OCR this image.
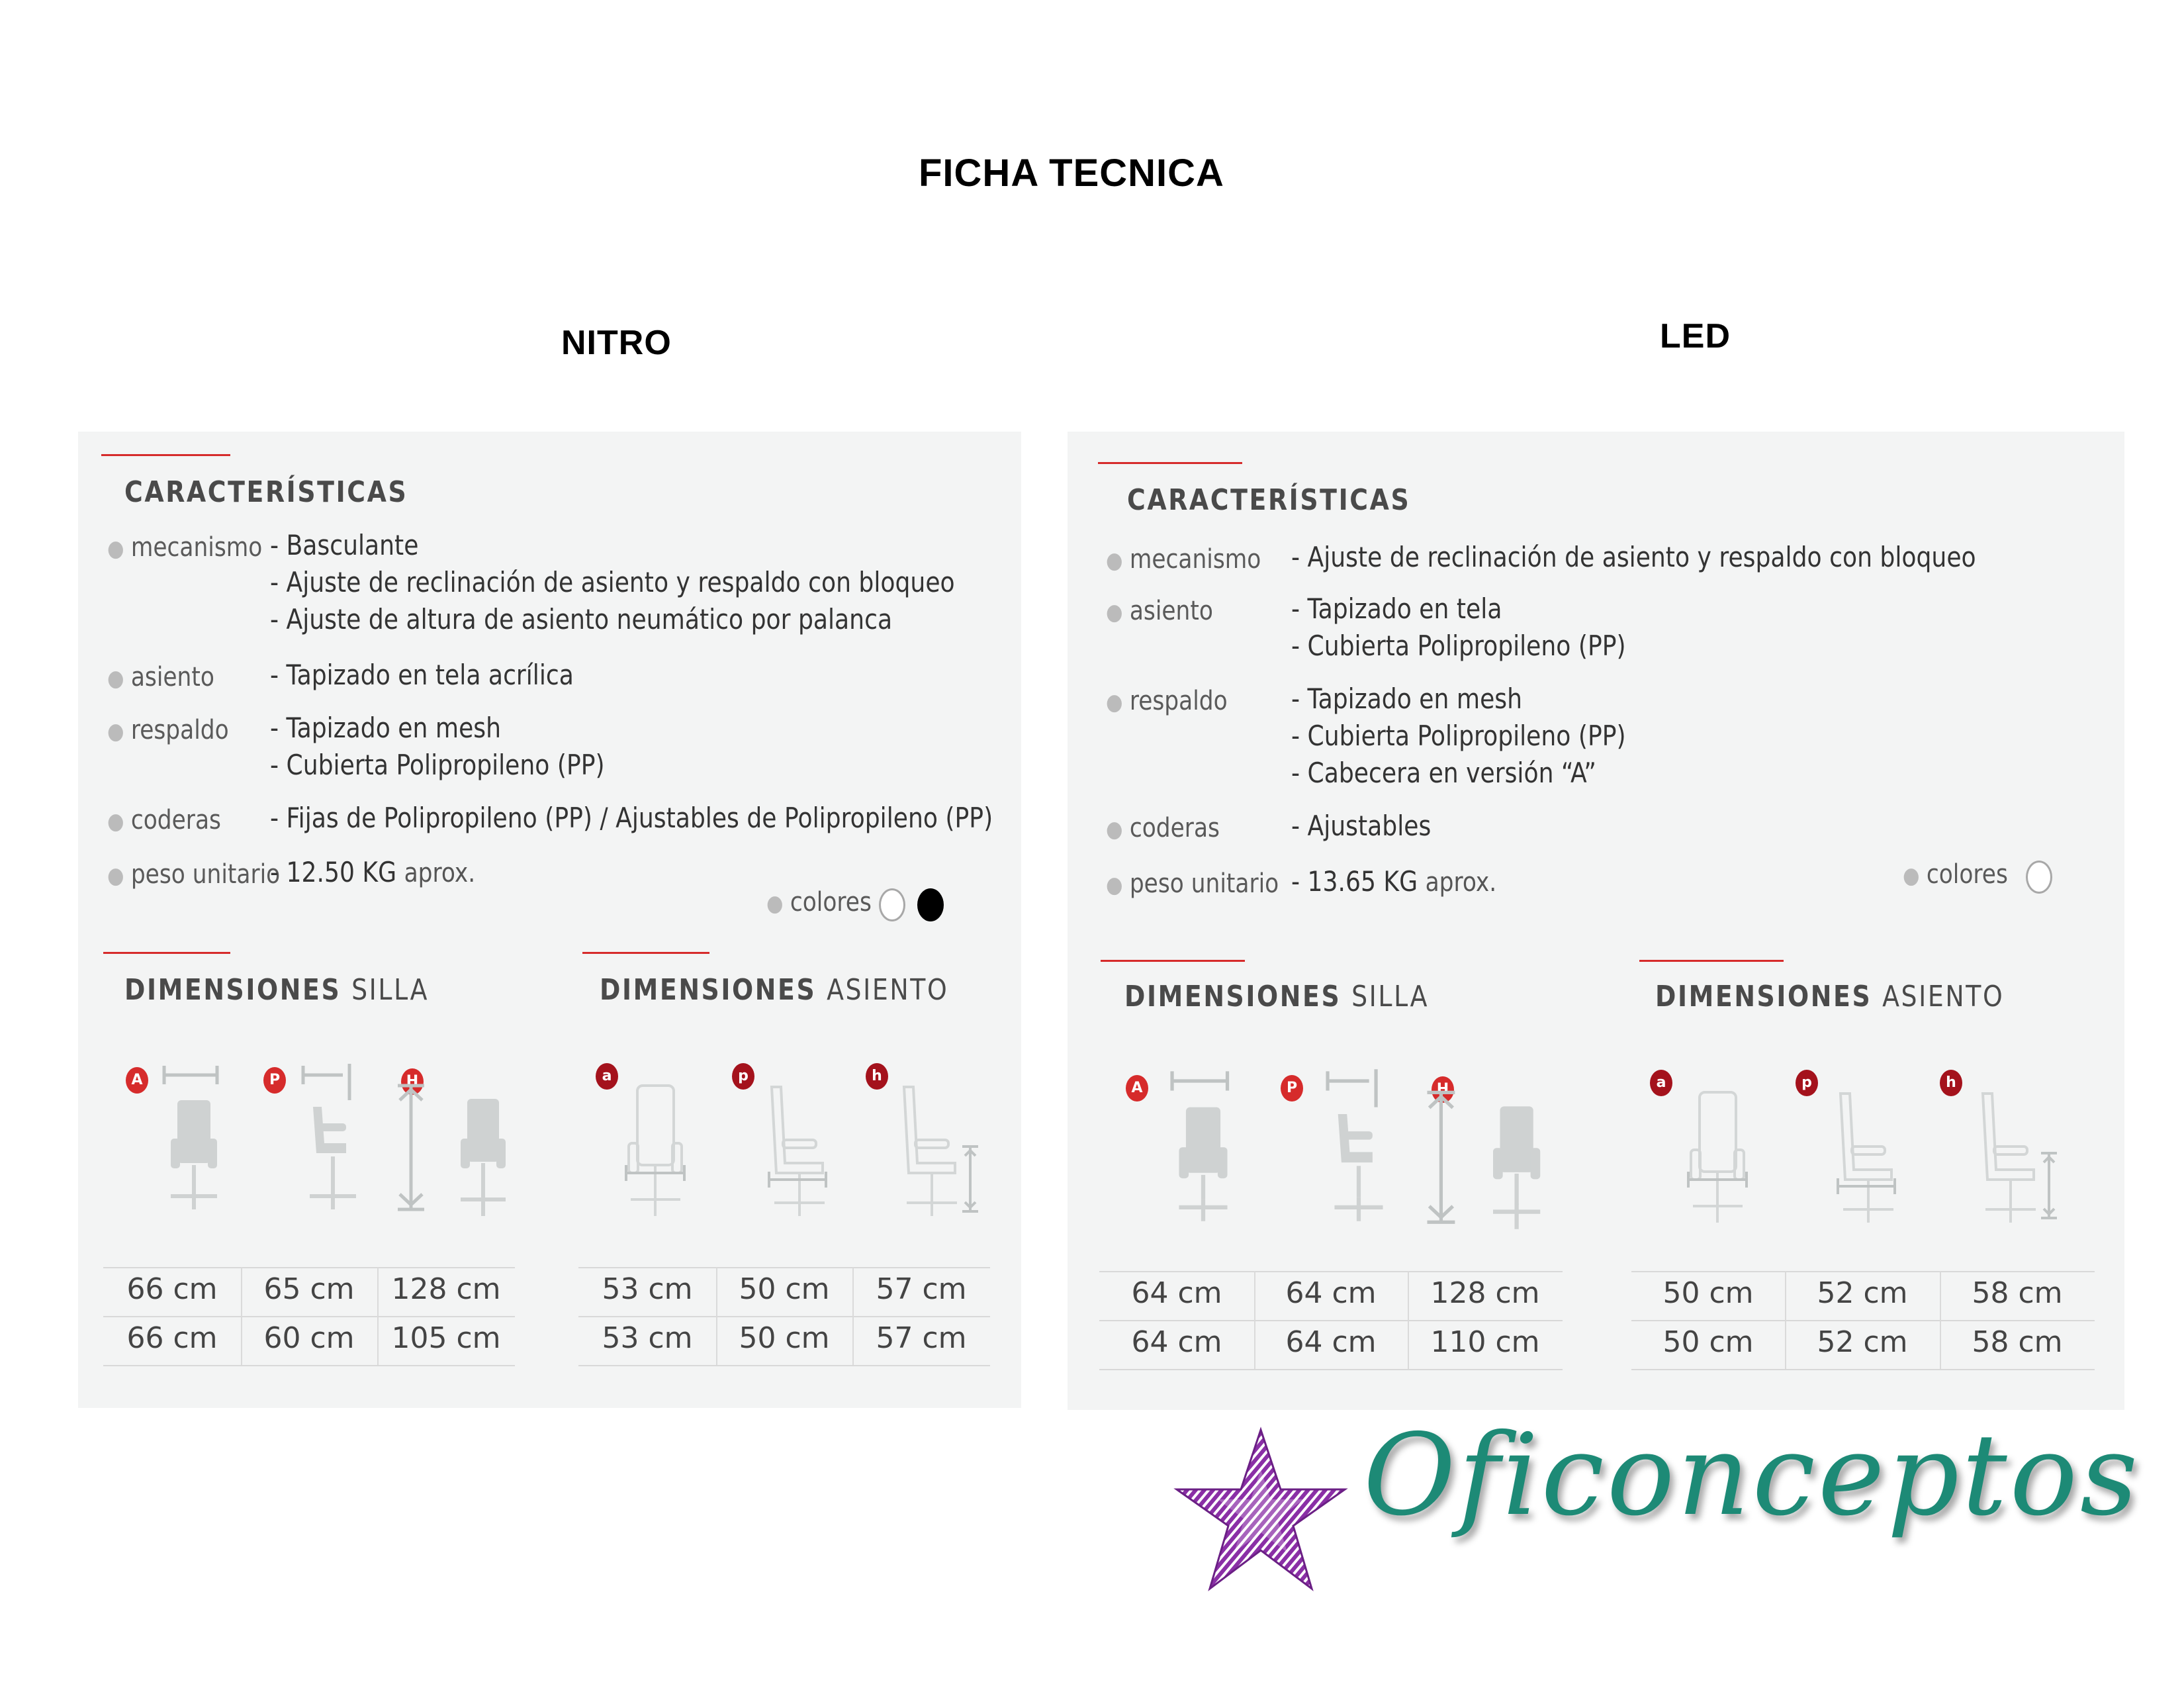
FICHA TECNICA
NITRO	LED
CARACTERÍSTICAS
● mecanismo - Basculante
- Ajuste de reclinación de asiento y respaldo con bloqueo
- Ajuste de altura de asiento neumático por palanca
● asiento - Tapizado en tela acrílica
● respaldo - Tapizado en mesh
- Cubierta Polipropileno (PP)
● coderas - Fijas de Polipropileno (PP) / Ajustables de Polipropileno (PP)
● peso unitario
- 12.50 KG aprox.
● colores
DIMENSIONES SILLA	DIMENSIONES ASIENTO
A	P	H	a	p	h
66 cm	65 cm	128 cm
66 cm	60 cm	105 cm
53 cm	50 cm	57 cm
53 cm	50 cm	57 cm
CARACTERÍSTICAS
● mecanismo - Ajuste de reclinación de asiento y respaldo con bloqueo
● asiento	- Tapizado en tela
- Cubierta Polipropileno (PP)
● respaldo - Tapizado en mesh
- Cubierta Polipropileno (PP)
- Cabecera en versión “A”
● coderas	- Ajustables
● peso unitario - 13.65 KG aprox.	● colores
DIMENSIONES SILLA	DIMENSIONES ASIENTO
A	P	H	a	p	h
64 cm	64 cm	128 cm
64 cm	64 cm	110 cm
50 cm	52 cm	58 cm
50 cm	52 cm	58 cm
Oficonceptos
